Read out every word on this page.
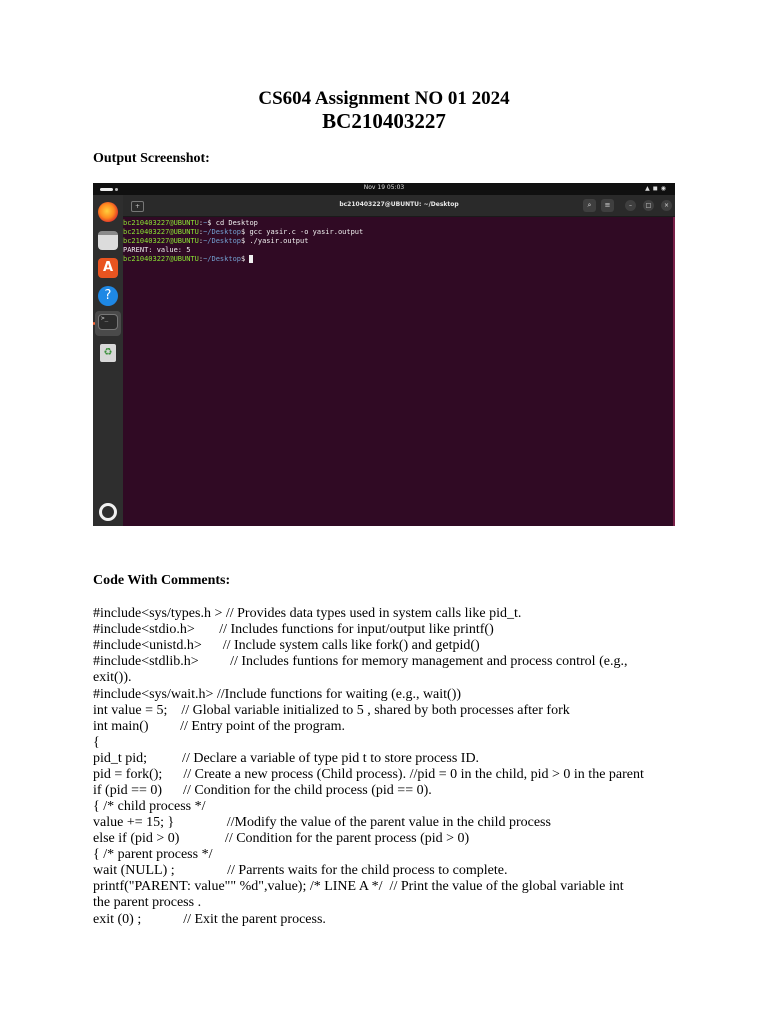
CS604 Assignment NO 01 2024
BC210403227
Output Screenshot:
Nov 19 05:03	▲◼◉
A
?
>_
♻
+	bc210403227@UBUNTU: ~/Desktop	⌕	≡	–	□	×
bc210403227@UBUNTU:~$ cd Desktop
bc210403227@UBUNTU:~/Desktop$ gcc yasir.c -o yasir.output
bc210403227@UBUNTU:~/Desktop$ ./yasir.output
PARENT: value: 5
bc210403227@UBUNTU:~/Desktop$
Code With Comments:
#include<sys/types.h > // Provides data types used in system calls like pid_t.
#include<stdio.h>       // Includes functions for input/output like printf()
#include<unistd.h>      // Include system calls like fork() and getpid()
#include<stdlib.h>         // Includes funtions for memory management and process control (e.g.,
exit()).
#include<sys/wait.h> //Include functions for waiting (e.g., wait())
int value = 5;    // Global variable initialized to 5 , shared by both processes after fork
int main()         // Entry point of the program.
{
pid_t pid;          // Declare a variable of type pid t to store process ID.
pid = fork();      // Create a new process (Child process). //pid = 0 in the child, pid > 0 in the parent
if (pid == 0)      // Condition for the child process (pid == 0).
{ /* child process */
value += 15; }               //Modify the value of the parent value in the child process
else if (pid > 0)             // Condition for the parent process (pid > 0)
{ /* parent process */
wait (NULL) ;               // Parrents waits for the child process to complete.
printf("PARENT: value"" %d",value); /* LINE A */  // Print the value of the global variable int
the parent process .
exit (0) ;            // Exit the parent process.
